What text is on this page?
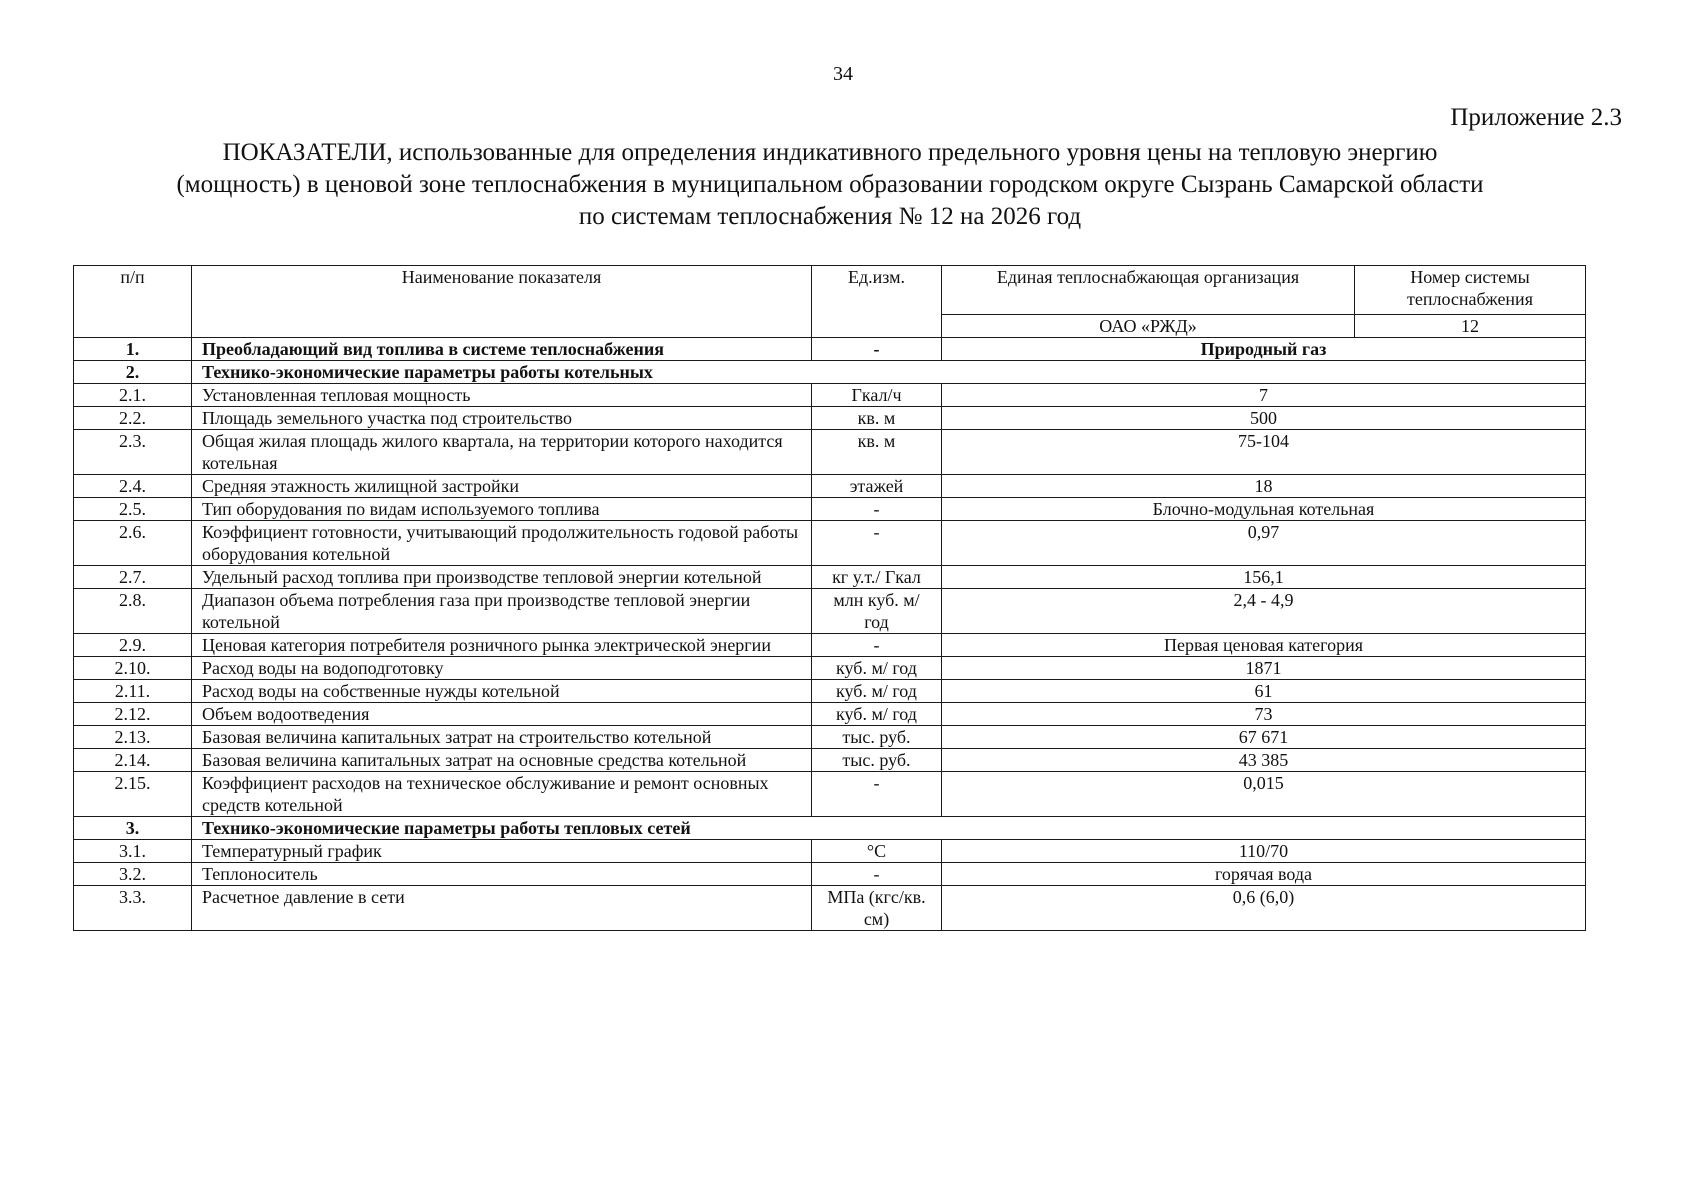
34
Приложение 2.3
ПОКАЗАТЕЛИ, использованные для определения индикативного предельного уровня цены на тепловую энергию
(мощность) в ценовой зоне теплоснабжения в муниципальном образовании городском округе Сызрань Самарской области
по системам теплоснабжения № 12 на 2026 год
п/п	Наименование показателя	Ед.изм.	Единая теплоснабжающая организация	Номер системы теплоснабжения
			ОАО «РЖД»	12
1.	Преобладающий вид топлива в системе теплоснабжения	-	Природный газ	
2.	Технико-экономические параметры работы котельных			
2.1.	Установленная тепловая мощность	Гкал/ч	7	
2.2.	Площадь земельного участка под строительство	кв. м	500	
2.3.	Общая жилая площадь жилого квартала, на территории которого находится котельная	кв. м	75-104	
2.4.	Средняя этажность жилищной застройки	этажей	18	
2.5.	Тип оборудования по видам используемого топлива	-	Блочно-модульная котельная	
2.6.	Коэффициент готовности, учитывающий продолжительность годовой работы оборудования котельной	-	0,97	
2.7.	Удельный расход топлива при производстве тепловой энергии котельной	кг у.т./ Гкал	156,1	
2.8.	Диапазон объема потребления газа при производстве тепловой энергии котельной	млн куб. м/год	2,4 - 4,9	
2.9.	Ценовая категория потребителя розничного рынка электрической энергии	-	Первая ценовая категория	
2.10.	Расход воды на водоподготовку	куб. м/ год	1871	
2.11.	Расход воды на собственные нужды котельной	куб. м/ год	61	
2.12.	Объем водоотведения	куб. м/ год	73	
2.13.	Базовая величина капитальных затрат на строительство котельной	тыс. руб.	67 671	
2.14.	Базовая величина капитальных затрат на основные средства котельной	тыс. руб.	43 385	
2.15.	Коэффициент расходов на техническое обслуживание и ремонт основных средств котельной	-	0,015	
3.	Технико-экономические параметры работы тепловых сетей			
3.1.	Температурный график	°С	110/70	
3.2.	Теплоноситель	-	горячая вода	
3.3.	Расчетное давление в сети	МПа (кгс/кв. см)	0,6 (6,0)	
